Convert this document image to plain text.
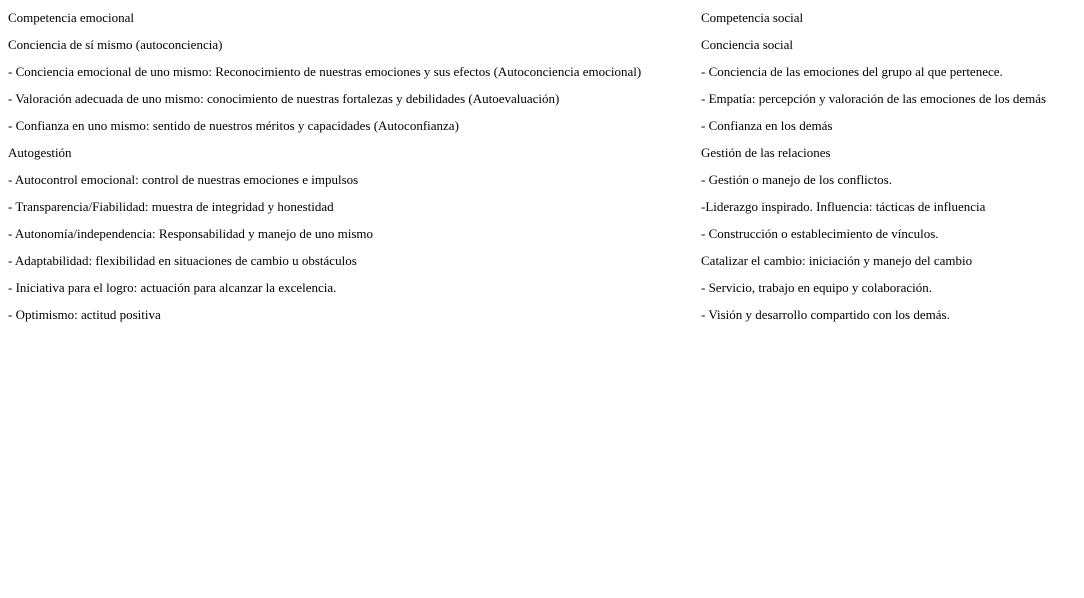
Competencia emocional	Competencia social
Conciencia de sí mismo (autoconciencia)	Conciencia social
- Conciencia emocional de uno mismo: Reconocimiento de nuestras emociones y sus efectos (Autoconciencia emocional)	- Conciencia de las emociones del grupo al que pertenece.
- Valoración adecuada de uno mismo: conocimiento de nuestras fortalezas y debilidades (Autoevaluación)	- Empatía: percepción y valoración de las emociones de los demás
- Confianza en uno mismo: sentido de nuestros méritos y capacidades (Autoconfianza)	- Confianza en los demás
Autogestión	Gestión de las relaciones
- Autocontrol emocional: control de nuestras emociones e impulsos	- Gestión o manejo de los conflictos.
- Transparencia/Fiabilidad: muestra de integridad y honestidad	-Liderazgo inspirado. Influencia: tácticas de influencia
- Autonomía/independencia: Responsabilidad y manejo de uno mismo	- Construcción o establecimiento de vínculos.
- Adaptabilidad: flexibilidad en situaciones de cambio u obstáculos	Catalizar el cambio: iniciación y manejo del cambio
- Iniciativa para el logro: actuación para alcanzar la excelencia.	- Servicio, trabajo en equipo y colaboración.
- Optimismo: actitud positiva	- Visión y desarrollo compartido con los demás.
